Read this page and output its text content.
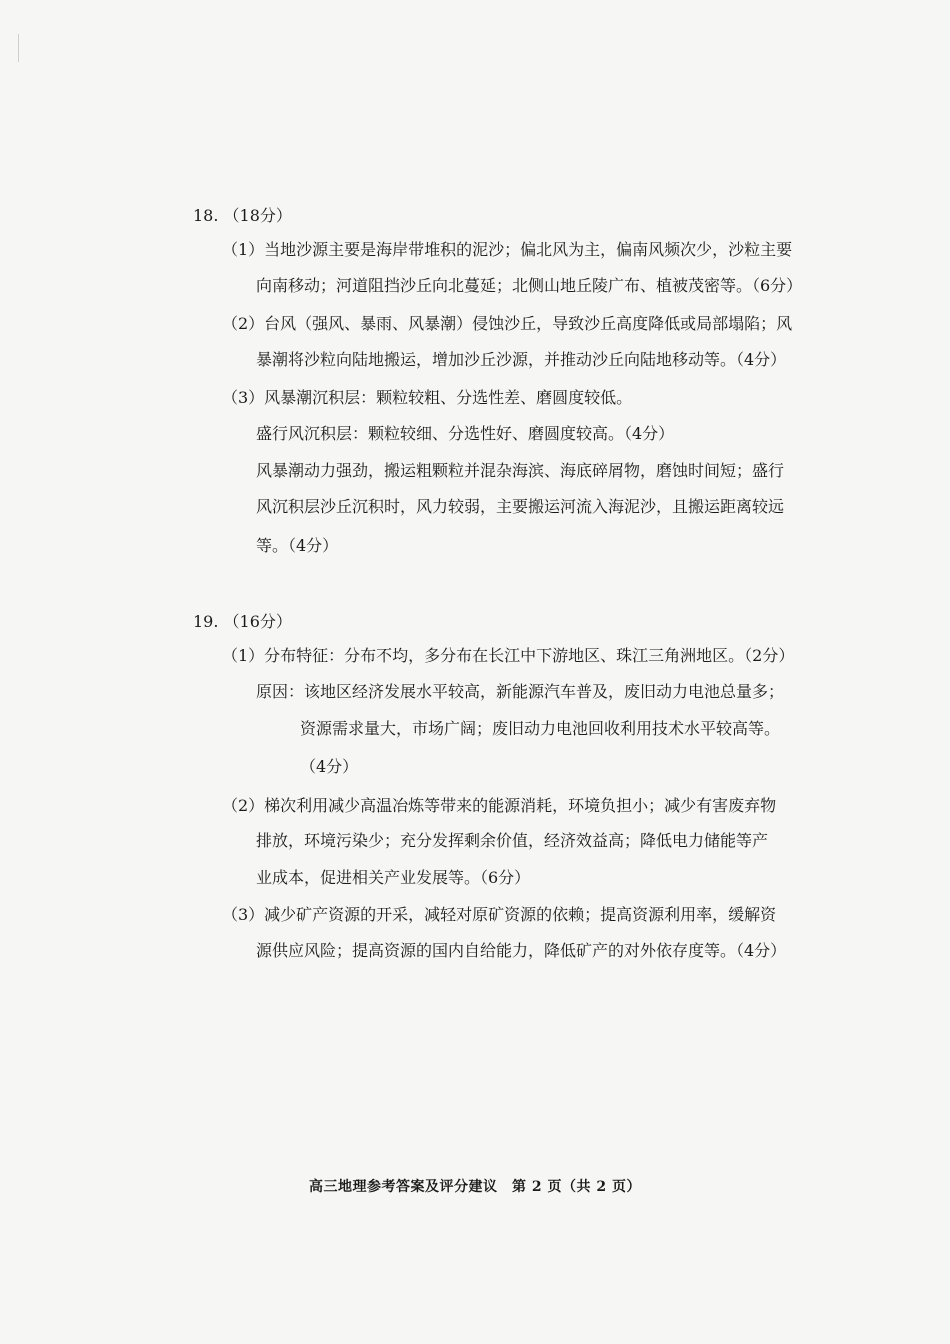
18. （18分）
（1）当地沙源主要是海岸带堆积的泥沙；偏北风为主，偏南风频次少，沙粒主要
向南移动；河道阻挡沙丘向北蔓延；北侧山地丘陵广布、植被茂密等。（6分）
（2）台风（强风、暴雨、风暴潮）侵蚀沙丘，导致沙丘高度降低或局部塌陷；风
暴潮将沙粒向陆地搬运，增加沙丘沙源，并推动沙丘向陆地移动等。（4分）
（3）风暴潮沉积层：颗粒较粗、分选性差、磨圆度较低。
盛行风沉积层：颗粒较细、分选性好、磨圆度较高。（4分）
风暴潮动力强劲，搬运粗颗粒并混杂海滨、海底碎屑物，磨蚀时间短；盛行
风沉积层沙丘沉积时，风力较弱，主要搬运河流入海泥沙，且搬运距离较远
等。（4分）
19. （16分）
（1）分布特征：分布不均，多分布在长江中下游地区、珠江三角洲地区。（2分）
原因：该地区经济发展水平较高，新能源汽车普及，废旧动力电池总量多；
资源需求量大，市场广阔；废旧动力电池回收利用技术水平较高等。
（4分）
（2）梯次利用减少高温冶炼等带来的能源消耗，环境负担小；减少有害废弃物
排放，环境污染少；充分发挥剩余价值，经济效益高；降低电力储能等产
业成本，促进相关产业发展等。（6分）
（3）减少矿产资源的开采，减轻对原矿资源的依赖；提高资源利用率，缓解资
源供应风险；提高资源的国内自给能力，降低矿产的对外依存度等。（4分）
高三地理参考答案及评分建议　第 2 页（共 2 页）
